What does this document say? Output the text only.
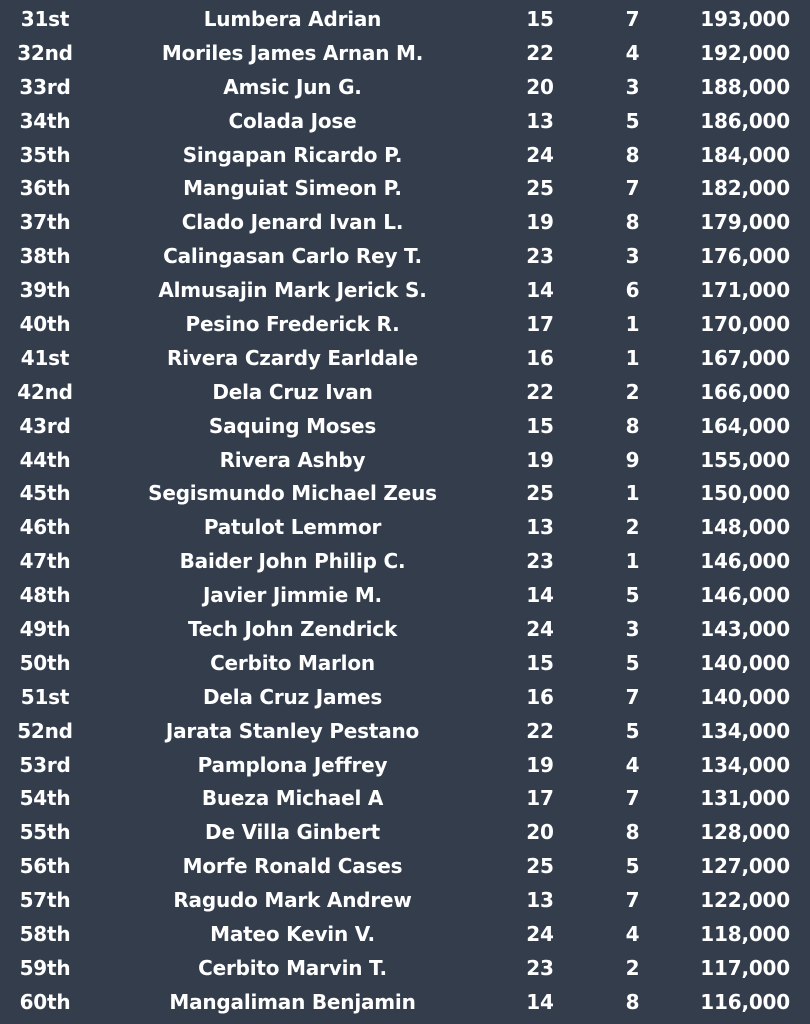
31st	Lumbera Adrian	15	7	193,000
32nd	Moriles James Arnan M.	22	4	192,000
33rd	Amsic Jun G.	20	3	188,000
34th	Colada Jose	13	5	186,000
35th	Singapan Ricardo P.	24	8	184,000
36th	Manguiat Simeon P.	25	7	182,000
37th	Clado Jenard Ivan L.	19	8	179,000
38th	Calingasan Carlo Rey T.	23	3	176,000
39th	Almusajin Mark Jerick S.	14	6	171,000
40th	Pesino Frederick R.	17	1	170,000
41st	Rivera Czardy Earldale	16	1	167,000
42nd	Dela Cruz Ivan	22	2	166,000
43rd	Saquing Moses	15	8	164,000
44th	Rivera Ashby	19	9	155,000
45th	Segismundo Michael Zeus	25	1	150,000
46th	Patulot Lemmor	13	2	148,000
47th	Baider John Philip C.	23	1	146,000
48th	Javier Jimmie M.	14	5	146,000
49th	Tech John Zendrick	24	3	143,000
50th	Cerbito Marlon	15	5	140,000
51st	Dela Cruz James	16	7	140,000
52nd	Jarata Stanley Pestano	22	5	134,000
53rd	Pamplona Jeffrey	19	4	134,000
54th	Bueza Michael A	17	7	131,000
55th	De Villa Ginbert	20	8	128,000
56th	Morfe Ronald Cases	25	5	127,000
57th	Ragudo Mark Andrew	13	7	122,000
58th	Mateo Kevin V.	24	4	118,000
59th	Cerbito Marvin T.	23	2	117,000
60th	Mangaliman Benjamin	14	8	116,000
